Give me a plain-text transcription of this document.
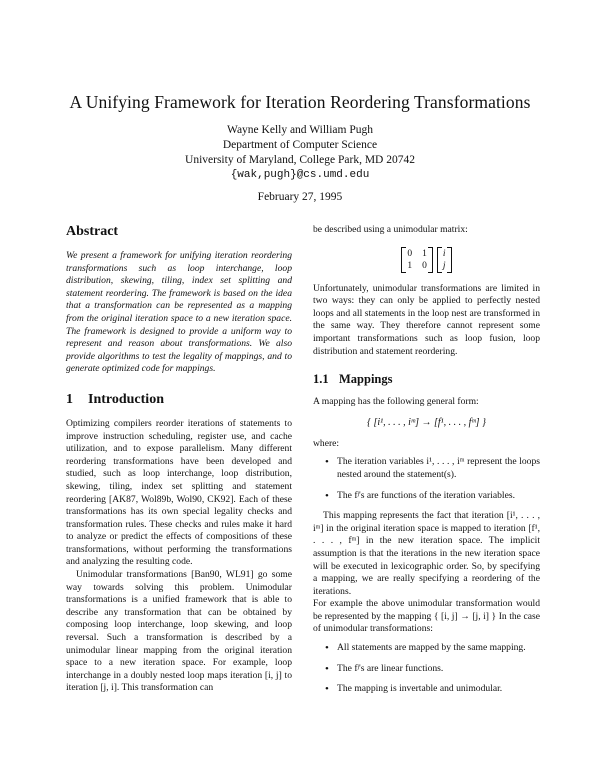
A Unifying Framework for Iteration Reordering Transformations
Wayne Kelly and William Pugh
Department of Computer Science
University of Maryland, College Park, MD 20742
{wak,pugh}@cs.umd.edu
February 27, 1995
Abstract

We present a framework for unifying iteration reordering transformations such as loop interchange, loop distribution, skewing, tiling, index set splitting and statement reordering. The framework is based on the idea that a transformation can be represented as a mapping from the original iteration space to a new iteration space. The framework is designed to provide a uniform way to represent and reason about transformations. We also provide algorithms to test the legality of mappings, and to generate optimized code for mappings.

1 Introduction

Optimizing compilers reorder iterations of statements to improve instruction scheduling, register use, and cache utilization, and to expose parallelism. Many different reordering transformations have been developed and studied, such as loop interchange, loop distribution, skewing, tiling, index set splitting and statement reordering [AK87, Wol89b, Wol90, CK92]. Each of these transformations has its own special legality checks and transformation rules. These checks and rules make it hard to analyze or predict the effects of compositions of these transformations, without performing the transformations and analyzing the resulting code.

Unimodular transformations [Ban90, WL91] go some way towards solving this problem. Unimodular transformations is a unified framework that is able to describe any transformation that can be obtained by composing loop interchange, loop skewing, and loop reversal. Such a transformation is described by a unimodular linear mapping from the original iteration space to a new iteration space. For example, loop interchange in a doubly nested loop maps iteration [i, j] to iteration [j, i]. This transformation can

be described using a unimodular matrix:

0 1
1 0
i
j

Unfortunately, unimodular transformations are limited in two ways: they can only be applied to perfectly nested loops and all statements in the loop nest are transformed in the same way. They therefore cannot represent some important transformations such as loop fusion, loop distribution and statement reordering.

1.1 Mappings

A mapping has the following general form:

{ [i¹, . . . , iᵐ] → [f¹, . . . , fᵐ] }

where:

• The iteration variables i¹, . . . , iᵐ represent the loops nested around the statement(s).
• The fʲ's are functions of the iteration variables.

This mapping represents the fact that iteration [i¹, . . . , iᵐ] in the original iteration space is mapped to iteration [f¹, . . . , fᵐ] in the new iteration space. The implicit assumption is that the iterations in the new iteration space will be executed in lexicographic order. So, by specifying a mapping, we are really specifying a reordering of the iterations.

For example the above unimodular transformation would be represented by the mapping { [i, j] → [j, i] } In the case of unimodular transformations:

• All statements are mapped by the same mapping.
• The fʲ's are linear functions.
• The mapping is invertable and unimodular.
